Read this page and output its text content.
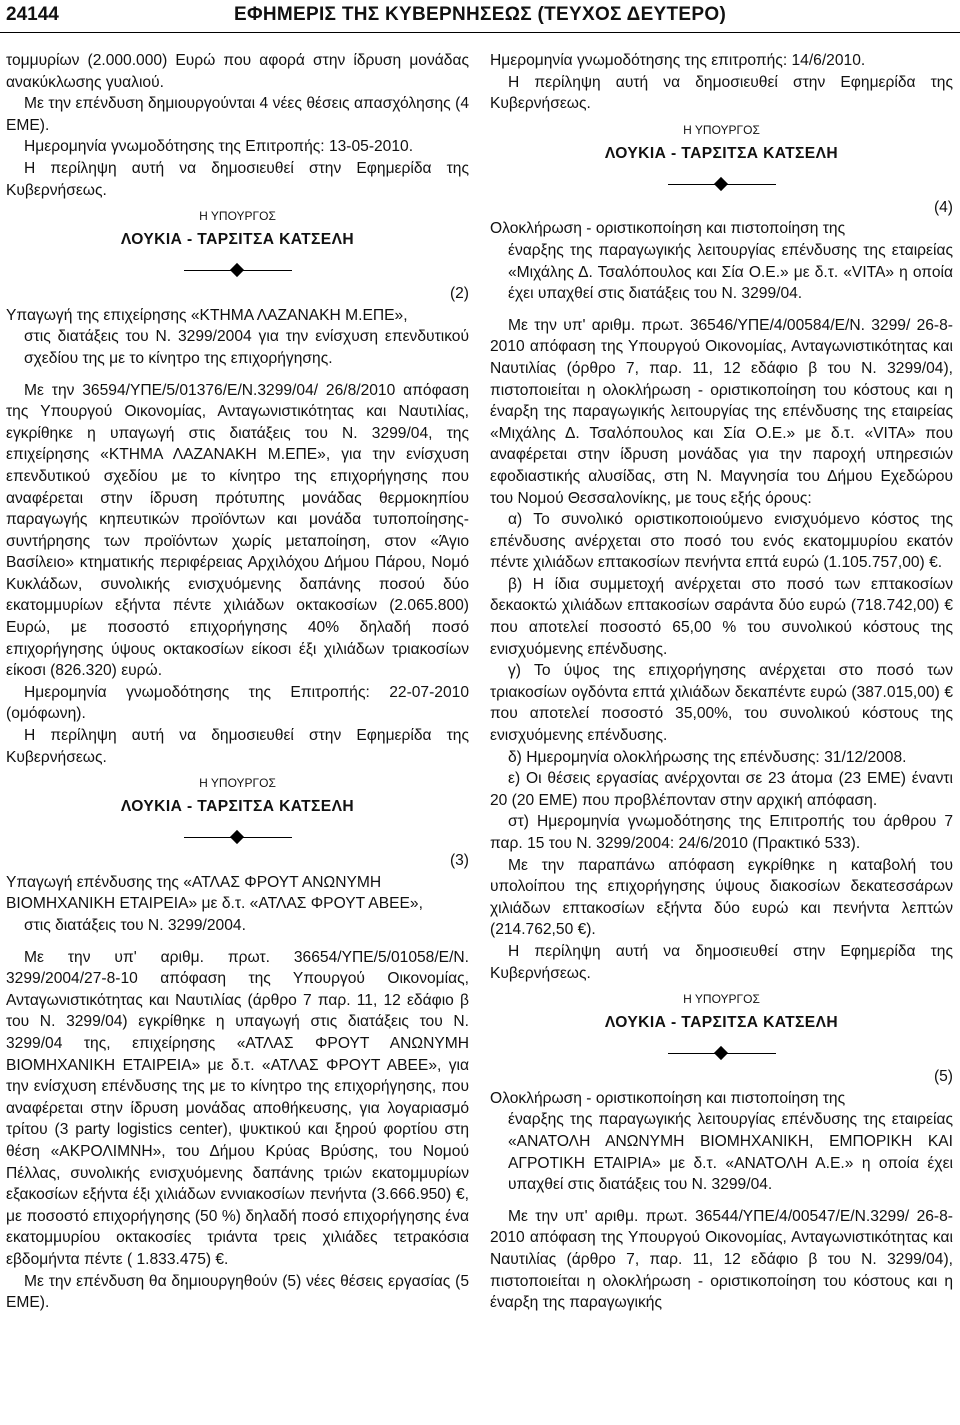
24144	ΕΦΗΜΕΡΙΣ ΤΗΣ ΚΥΒΕΡΝΗΣΕΩΣ (ΤΕΥΧΟΣ ΔΕΥΤΕΡΟ)

τομμυρίων (2.000.000) Ευρώ που αφορά στην ίδρυση μονάδας ανακύκλωσης γυαλιού.

Με την επένδυση δημιουργούνται 4 νέες θέσεις απασχόλησης (4 ΕΜΕ).

Ημερομηνία γνωμοδότησης της Επιτροπής: 13-05-2010.

Η περίληψη αυτή να δημοσιευθεί στην Εφημερίδα της Κυβερνήσεως.

Η ΥΠΟΥΡΓΟΣ
ΛΟΥΚΙΑ - ΤΑΡΣΙΤΣΑ ΚΑΤΣΕΛΗ

(2)

Υπαγωγή της επιχείρησης «ΚΤΗΜΑ ΛΑΖΑΝΑΚΗ Μ.ΕΠΕ»,

στις διατάξεις του Ν. 3299/2004 για την ενίσχυση επενδυτικού σχεδίου της με το κίνητρο της επιχορήγησης.

Με την 36594/ΥΠΕ/5/01376/Ε/Ν.3299/04/ 26/8/2010 απόφαση της Υπουργού Οικονομίας, Ανταγωνιστικότητας και Ναυτιλίας, εγκρίθηκε η υπαγωγή στις διατάξεις του Ν. 3299/04, της επιχείρησης «ΚΤΗΜΑ ΛΑΖΑΝΑΚΗ Μ.ΕΠΕ», για την ενίσχυση επενδυτικού σχεδίου με το κίνητρο της επιχορήγησης που αναφέρεται στην ίδρυση πρότυπης μονάδας θερμοκηπίου παραγωγής κηπευτικών προϊόντων και μονάδα τυποποίησης-συντήρησης των προϊόντων χωρίς μεταποίηση, στον «Άγιο Βασίλειο» κτηματικής περιφέρειας Αρχιλόχου Δήμου Πάρου, Νομό Κυκλάδων, συνολικής ενισχυόμενης δαπάνης ποσού δύο εκατομμυρίων εξήντα πέντε χιλιάδων οκτακοσίων (2.065.800) Ευρώ, με ποσοστό επιχορήγησης 40% δηλαδή ποσό επιχορήγησης ύψους οκτακοσίων είκοσι έξι χιλιάδων τριακοσίων είκοσι (826.320) ευρώ.

Ημερομηνία γνωμοδότησης της Επιτροπής: 22-07-2010 (ομόφωνη).

Η περίληψη αυτή να δημοσιευθεί στην Εφημερίδα της Κυβερνήσεως.

Η ΥΠΟΥΡΓΟΣ
ΛΟΥΚΙΑ - ΤΑΡΣΙΤΣΑ ΚΑΤΣΕΛΗ

(3)

Υπαγωγή επένδυσης της «ΑΤΛΑΣ ΦΡΟΥΤ ΑΝΩΝΥΜΗ ΒΙΟΜΗΧΑΝΙΚΗ ΕΤΑΙΡΕΙΑ» με δ.τ. «ΑΤΛΑΣ ΦΡΟΥΤ ΑΒΕΕ»,

στις διατάξεις του Ν. 3299/2004.

Με την υπ' αριθμ. πρωτ. 36654/ΥΠΕ/5/01058/Ε/Ν. 3299/2004/27-8-10 απόφαση της Υπουργού Οικονομίας, Ανταγωνιστικότητας και Ναυτιλίας (άρθρο 7 παρ. 11, 12 εδάφιο β του Ν. 3299/04) εγκρίθηκε η υπαγωγή στις διατάξεις του Ν. 3299/04 της, επιχείρησης «ΑΤΛΑΣ ΦΡΟΥΤ ΑΝΩΝΥΜΗ ΒΙΟΜΗΧΑΝΙΚΗ ΕΤΑΙΡΕΙΑ» με δ.τ. «ΑΤΛΑΣ ΦΡΟΥΤ ΑΒΕΕ», για την ενίσχυση επένδυσης της με το κίνητρο της επιχορήγησης, που αναφέρεται στην ίδρυση μονάδας αποθήκευσης, για λογαριασμό τρίτου (3 party logistics center), ψυκτικού και ξηρού φορτίου στη θέση «ΑΚΡΟΛΙΜΝΗ», του Δήμου Κρύας Βρύσης, του Νομού Πέλλας, συνολικής ενισχυόμενης δαπάνης τριών εκατομμυρίων εξακοσίων εξήντα έξι χιλιάδων εννιακοσίων πενήντα (3.666.950) €, με ποσοστό επιχορήγησης (50 %) δηλαδή ποσό επιχορήγησης ένα εκατομμυρίου οκτακοσίες τριάντα τρεις χιλιάδες τετρακόσια εβδομήντα πέντε ( 1.833.475) €.

Με την επένδυση θα δημιουργηθούν (5) νέες θέσεις εργασίας (5 ΕΜΕ).

Ημερομηνία γνωμοδότησης της επιτροπής: 14/6/2010.

Η περίληψη αυτή να δημοσιευθεί στην Εφημερίδα της Κυβερνήσεως.

Η ΥΠΟΥΡΓΟΣ
ΛΟΥΚΙΑ - ΤΑΡΣΙΤΣΑ ΚΑΤΣΕΛΗ

(4)

Ολοκλήρωση - οριστικοποίηση και πιστοποίηση της

έναρξης της παραγωγικής λειτουργίας επένδυσης της εταιρείας «Μιχάλης Δ. Τσαλόπουλος και Σία Ο.Ε.» με δ.τ. «VITA» η οποία έχει υπαχθεί στις διατάξεις του Ν. 3299/04.

Με την υπ' αριθμ. πρωτ. 36546/ΥΠΕ/4/00584/Ε/Ν. 3299/ 26-8-2010 απόφαση της Υπουργού Οικονομίας, Ανταγωνιστικότητας και Ναυτιλίας (όρθρο 7, παρ. 11, 12 εδάφιο β του Ν. 3299/04), πιστοποιείται η ολοκλήρωση - οριστικοποίηση του κόστους και η έναρξη της παραγωγικής λειτουργίας της επένδυσης της εταιρείας «Μιχάλης Δ. Τσαλόπουλος και Σία Ο.Ε.» με δ.τ. «VITA» που αναφέρεται στην ίδρυση μονάδας για την παροχή υπηρεσιών εφοδιαστικής αλυσίδας, στη Ν. Μαγνησία του Δήμου Εχεδώρου του Νομού Θεσσαλονίκης, με τους εξής όρους:

α) Το συνολικό οριστικοποιούμενο ενισχυόμενο κόστος της επένδυσης ανέρχεται στο ποσό του ενός εκατομμυρίου εκατόν πέντε χιλιάδων επτακοσίων πενήντα επτά ευρώ (1.105.757,00) €.

β) Η ίδια συμμετοχή ανέρχεται στο ποσό των επτακοσίων δεκαοκτώ χιλιάδων επτακοσίων σαράντα δύο ευρώ (718.742,00) € που αποτελεί ποσοστό 65,00 % του συνολικού κόστους της ενισχυόμενης επένδυσης.

γ) Το ύψος της επιχορήγησης ανέρχεται στο ποσό των τριακοσίων ογδόντα επτά χιλιάδων δεκαπέντε ευρώ (387.015,00) € που αποτελεί ποσοστό 35,00%, του συνολικού κόστους της ενισχυόμενης επένδυσης.

δ) Ημερομηνία ολοκλήρωσης της επένδυσης: 31/12/2008.

ε) Οι θέσεις εργασίας ανέρχονται σε 23 άτομα (23 ΕΜΕ) έναντι 20 (20 ΕΜΕ) που προβλέπονταν στην αρχική απόφαση.

στ) Ημερομηνία γνωμοδότησης της Επιτροπής του άρθρου 7 παρ. 15 του Ν. 3299/2004: 24/6/2010 (Πρακτικό 533).

Με την παραπάνω απόφαση εγκρίθηκε η καταβολή του υπολοίπου της επιχορήγησης ύψους διακοσίων δεκατεσσάρων χιλιάδων επτακοσίων εξήντα δύο ευρώ και πενήντα λεπτών (214.762,50 €).

Η περίληψη αυτή να δημοσιευθεί στην Εφημερίδα της Κυβερνήσεως.

Η ΥΠΟΥΡΓΟΣ
ΛΟΥΚΙΑ - ΤΑΡΣΙΤΣΑ ΚΑΤΣΕΛΗ

(5)

Ολοκλήρωση - οριστικοποίηση και πιστοποίηση της

έναρξης της παραγωγικής λειτουργίας επένδυσης της εταιρείας «ΑΝΑΤΟΛΗ ΑΝΩΝΥΜΗ ΒΙΟΜΗΧΑΝΙΚΗ, ΕΜΠΟΡΙΚΗ ΚΑΙ ΑΓΡΟΤΙΚΗ ΕΤΑΙΡΙΑ» με δ.τ. «ΑΝΑΤΟΛΗ Α.Ε.» η οποία έχει υπαχθεί στις διατάξεις του Ν. 3299/04.

Με την υπ' αριθμ. πρωτ. 36544/ΥΠΕ/4/00547/Ε/Ν.3299/ 26-8-2010 απόφαση της Υπουργού Οικονομίας, Ανταγωνιστικότητας και Ναυτιλίας (άρθρο 7, παρ. 11, 12 εδάφιο β του Ν. 3299/04), πιστοποιείται η ολοκλήρωση - οριστικοποίηση του κόστους και η έναρξη της παραγωγικής
